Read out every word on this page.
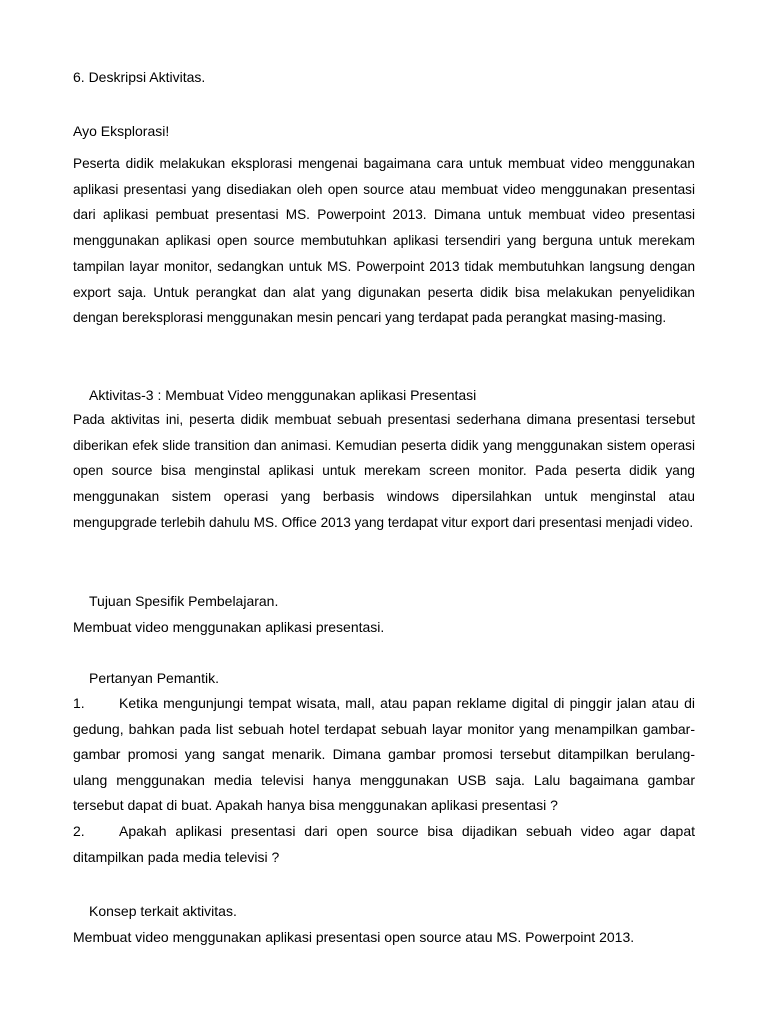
6. Deskripsi Aktivitas.

Ayo Eksplorasi!

Peserta didik melakukan eksplorasi mengenai bagaimana cara untuk membuat video menggunakan aplikasi presentasi yang disediakan oleh open source atau membuat video menggunakan presentasi dari aplikasi pembuat presentasi MS. Powerpoint 2013. Dimana untuk membuat video presentasi menggunakan aplikasi open source membutuhkan aplikasi tersendiri yang berguna untuk merekam tampilan layar monitor, sedangkan untuk MS. Powerpoint 2013 tidak membutuhkan langsung dengan export saja. Untuk perangkat dan alat yang digunakan peserta didik bisa melakukan penyelidikan dengan bereksplorasi menggunakan mesin pencari yang terdapat pada perangkat masing-masing.

Aktivitas-3 : Membuat Video menggunakan aplikasi Presentasi

Pada aktivitas ini, peserta didik membuat sebuah presentasi sederhana dimana presentasi tersebut diberikan efek slide transition dan animasi. Kemudian peserta didik yang menggunakan sistem operasi open source bisa menginstal aplikasi untuk merekam screen monitor. Pada peserta didik yang menggunakan sistem operasi yang berbasis windows dipersilahkan untuk menginstal atau mengupgrade terlebih dahulu MS. Office 2013 yang terdapat vitur export dari presentasi menjadi video.

Tujuan Spesifik Pembelajaran.

Membuat video menggunakan aplikasi presentasi.

Pertanyan Pemantik.

1. Ketika mengunjungi tempat wisata, mall, atau papan reklame digital di pinggir jalan atau di gedung, bahkan pada list sebuah hotel terdapat sebuah layar monitor yang menampilkan gambar-gambar promosi yang sangat menarik. Dimana gambar promosi tersebut ditampilkan berulang-ulang menggunakan media televisi hanya menggunakan USB saja. Lalu bagaimana gambar tersebut dapat di buat. Apakah hanya bisa menggunakan aplikasi presentasi ?

2. Apakah aplikasi presentasi dari open source bisa dijadikan sebuah video agar dapat ditampilkan pada media televisi ?

Konsep terkait aktivitas.

Membuat video menggunakan aplikasi presentasi open source atau MS. Powerpoint 2013.
